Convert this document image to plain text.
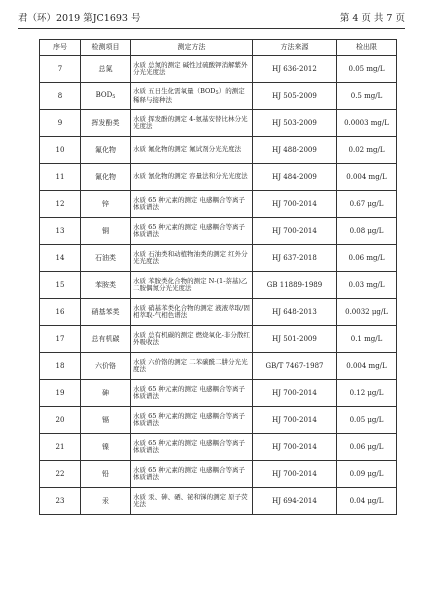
君（环）2019 第JC1693 号	第 4 页 共 7 页
序号	检测项目	测定方法	方法来源	检出限
7	总氮	水质 总氮的测定 碱性过硫酸钾消解紫外分光光度法	HJ 636-2012	0.05 mg/L
8	$BOD_5$	水质 五日生化需氧量$(BOD_5)$的测定 稀释与接种法	HJ 505-2009	0.5 mg/L
9	挥发酚类	水质 挥发酚的测定 4-氨基安替比林分光光度法	HJ 503-2009	0.0003 mg/L
10	氟化物	水质 氟化物的测定 氟试剂分光光度法	HJ 488-2009	0.02 mg/L
11	氰化物	水质 氰化物的测定 容量法和分光光度法	HJ 484-2009	0.004 mg/L
12	锌	水质 65 种元素的测定 电感耦合等离子体质谱法	HJ 700-2014	0.67 μg/L
13	铜	水质 65 种元素的测定 电感耦合等离子体质谱法	HJ 700-2014	0.08 μg/L
14	石油类	水质 石油类和动植物油类的测定 红外分光光度法	HJ 637-2018	0.06 mg/L
15	苯胺类	水质 苯胺类化合物的测定 N-(1-萘基)乙二胺偶氮分光光度法	GB 11889-1989	0.03 mg/L
16	硝基苯类	水质 硝基苯类化合物的测定 液液萃取/固相萃取-气相色谱法	HJ 648-2013	0.0032 μg/L
17	总有机碳	水质 总有机碳的测定 燃烧氧化-非分散红外吸收法	HJ 501-2009	0.1 mg/L
18	六价铬	水质 六价铬的测定 二苯碳酰二肼分光光度法	GB/T 7467-1987	0.004 mg/L
19	砷	水质 65 种元素的测定 电感耦合等离子体质谱法	HJ 700-2014	0.12 μg/L
20	镉	水质 65 种元素的测定 电感耦合等离子体质谱法	HJ 700-2014	0.05 μg/L
21	镍	水质 65 种元素的测定 电感耦合等离子体质谱法	HJ 700-2014	0.06 μg/L
22	铅	水质 65 种元素的测定 电感耦合等离子体质谱法	HJ 700-2014	0.09 μg/L
23	汞	水质 汞、砷、硒、铋和锑的测定 原子荧光法	HJ 694-2014	0.04 μg/L
